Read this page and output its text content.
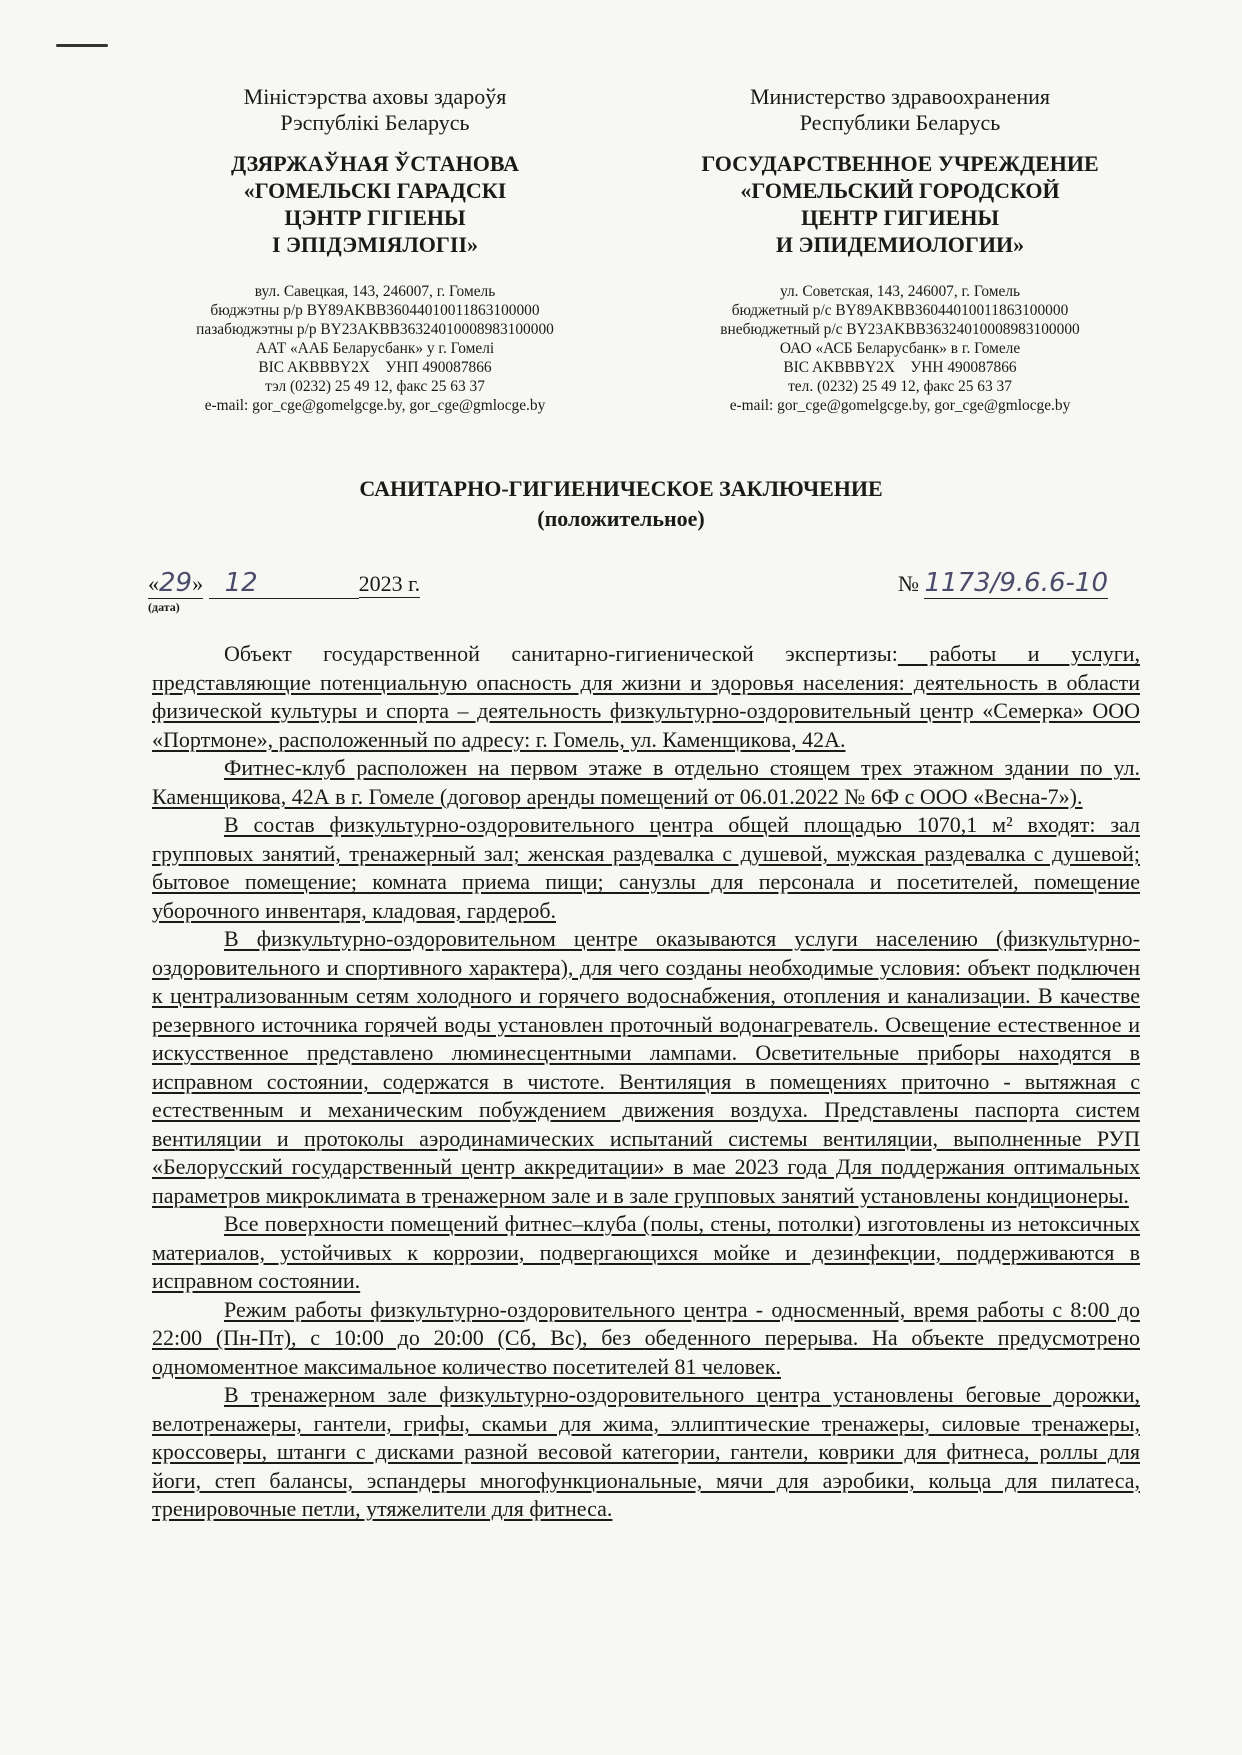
Міністэрства аховы здароўя
Рэспублікі Беларусь
ДЗЯРЖАЎНАЯ ЎСТАНОВА
«ГОМЕЛЬСКІ ГАРАДСКІ
ЦЭНТР ГІГІЕНЫ
І ЭПІДЭМІЯЛОГІІ»
вул. Савецкая, 143, 246007, г. Гомель
бюджэтны р/р BY89AKBB36044010011863100000
пазабюджэтны р/р BY23AKBB36324010008983100000
ААТ «ААБ Беларусбанк» у г. Гомелі
BIC AKBBBY2X    УНП 490087866
тэл (0232) 25 49 12, факс 25 63 37
e-mail: gor_cge@gomelgcge.by, gor_cge@gmlocge.by
Министерство здравоохранения
Республики Беларусь
ГОСУДАРСТВЕННОЕ УЧРЕЖДЕНИЕ
«ГОМЕЛЬСКИЙ ГОРОДСКОЙ
ЦЕНТР ГИГИЕНЫ
И ЭПИДЕМИОЛОГИИ»
ул. Советская, 143, 246007, г. Гомель
бюджетный р/с BY89AKBB36044010011863100000
внебюджетный р/с BY23AKBB36324010008983100000
ОАО «АСБ Беларусбанк» в г. Гомеле
BIC AKBBBY2X    УНН 490087866
тел. (0232) 25 49 12, факс 25 63 37
e-mail: gor_cge@gomelgcge.by, gor_cge@gmlocge.by
САНИТАРНО-ГИГИЕНИЧЕСКОЕ ЗАКЛЮЧЕНИЕ
(положительное)
«29» 12	2023 г.
(дата)
№ 1173/9.6.6-10

Объект государственной санитарно-гигиенической экспертизы: работы и услуги, представляющие потенциальную опасность для жизни и здоровья населения: деятельность в области физической культуры и спорта – деятельность физкультурно-оздоровительный центр «Семерка» ООО «Портмоне», расположенный по адресу: г. Гомель, ул. Каменщикова, 42А.

Фитнес-клуб расположен на первом этаже в отдельно стоящем трех этажном здании по ул. Каменщикова, 42А в г. Гомеле (договор аренды помещений от 06.01.2022 № 6Ф с ООО «Весна-7»).

В состав физкультурно-оздоровительного центра общей площадью 1070,1 м² входят: зал групповых занятий, тренажерный зал; женская раздевалка с душевой, мужская раздевалка с душевой; бытовое помещение; комната приема пищи; санузлы для персонала и посетителей, помещение уборочного инвентаря, кладовая, гардероб.

В физкультурно-оздоровительном центре оказываются услуги населению (физкультурно-оздоровительного и спортивного характера), для чего созданы необходимые условия: объект подключен к централизованным сетям холодного и горячего водоснабжения, отопления и канализации. В качестве резервного источника горячей воды установлен проточный водонагреватель. Освещение естественное и искусственное представлено люминесцентными лампами. Осветительные приборы находятся в исправном состоянии, содержатся в чистоте. Вентиляция в помещениях приточно - вытяжная с естественным и механическим побуждением движения воздуха. Представлены паспорта систем вентиляции и протоколы аэродинамических испытаний системы вентиляции, выполненные РУП «Белорусский государственный центр аккредитации» в мае 2023 года Для поддержания оптимальных параметров микроклимата в тренажерном зале и в зале групповых занятий установлены кондиционеры.

Все поверхности помещений фитнес–клуба (полы, стены, потолки) изготовлены из нетоксичных материалов, устойчивых к коррозии, подвергающихся мойке и дезинфекции, поддерживаются в исправном состоянии.

Режим работы физкультурно-оздоровительного центра - односменный, время работы с 8:00 до 22:00 (Пн-Пт), с 10:00 до 20:00 (Сб, Вс), без обеденного перерыва. На объекте предусмотрено одномоментное максимальное количество посетителей 81 человек.

В тренажерном зале физкультурно-оздоровительного центра установлены беговые дорожки, велотренажеры, гантели, грифы, скамьи для жима, эллиптические тренажеры, силовые тренажеры, кроссоверы, штанги с дисками разной весовой категории, гантели, коврики для фитнеса, роллы для йоги, степ балансы, эспандеры многофункциональные, мячи для аэробики, кольца для пилатеса, тренировочные петли, утяжелители для фитнеса.
